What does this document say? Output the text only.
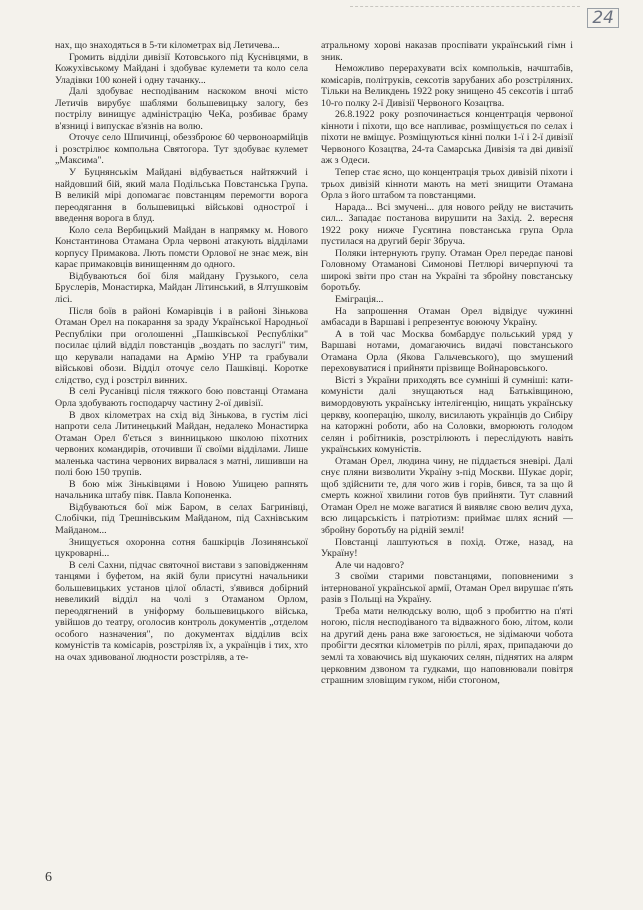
24

нах, що знаходяться в 5-ти кілометрах від Летичева...

Громить відділи дивізії Котовського під Куснівцями, в Кожухівському Майдані і здобуває кулемети та коло села Уладівки 100 коней і одну тачанку...

Далі здобуває несподіваним наскоком вночі місто Летичів вирубує шаблями большевицьку залогу, без пострілу винищує адміністрацію ЧеКа, розбиває браму в'язниці і випускає в'язнів на волю.

Оточує село Шпичинці, обеззброює 60 червоноармійців і розстрілює компольна Святогора. Тут здобуває кулемет „Максима".

У Буцнянськім Майдані відбувається найтяжчий і найдовший бій, який мала Подільська Повстанська Група. В великій мірі допомагає повстанцям перемогти ворога переодягання в большевицькі військові однострої і введення ворога в блуд.

Коло села Вербицький Майдан в напрямку м. Нового Константинова Отамана Орла червоні атакують відділами корпусу Примакова. Лють помсти Орлової не знає меж, він карає примаковців винищенням до одного.

Відбуваються бої біля майдану Грузького, села Бруслерів, Монастирка, Майдан Літинський, в Ялтушковім лісі.

Після боїв в районі Комарівців і в районі Зінькова Отаман Орел на покарання за зраду Української Народньої Республіки при оголошенні „Пашківської Республіки" посилає цілий відділ повстанців „воздать по заслугі" тим, що керували нападами на Армію УНР та грабували військові обози. Відділ оточує село Пашківці. Коротке слідство, суд і розстріл винних.

В селі Русанівці після тяжкого бою повстанці Отамана Орла здобувають господарчу частину 2-ої дивізії.

В двох кілометрах на схід від Зінькова, в густім лісі напроти села Литинецький Майдан, недалеко Монастирка Отаман Орел б'ється з винницькою школою піхотних червоних командирів, оточивши її своїми відділами. Лише маленька частина червоних вирвалася з матні, лишивши на полі бою 150 трупів.

В бою між Зіньківцями і Новою Ушицею рапнять начальника штабу півк. Павла Копоненка.

Відбуваються бої між Баром, в селах Багринівці, Слобічки, під Трешнівським Майданом, під Сахнівським Майданом...

Знищується охоронна сотня башкірців Лозинянської цукроварні...

В селі Сахни, підчас святочної вистави з заповідженням танцями і буфетом, на якій були присутні начальники большевицьких установ цілої області, з'явився добірний невеликий відділ на чолі з Отаманом Орлом, переодягнений в уніформу большевицького війська, увійшов до театру, оголосив контроль документів „отделом особого назначения", по документах відділив всіх комуністів та комісарів, розстріляв їх, а українців і тих, хто на очах здивованої людности розстріляв, а те-

атральному хорові наказав проспівати український гімн і зник.

Неможливо перерахувати всіх компольків, начштабів, комісарів, політруків, сексотів зарубаних або розстріляних. Тільки на Великдень 1922 року знищено 45 сексотів і штаб 10-го полку 2-ї Дивізії Червоного Козацтва.

26.8.1922 року розпочинається концентрація червоної кінноти і піхоти, що все напливає, розміщується по селах і піхоти не вміщує. Розміщуються кінні полки 1-ї і 2-ї дивізії Червоного Козацтва, 24-та Самарська Дивізія та дві дивізії аж з Одеси.

Тепер стає ясно, що концентрація трьох дивізій піхоти і трьох дивізій кінноти мають на меті знищити Отамана Орла з його штабом та повстанцями.

Нарада... Всі змучені... для нового рейду не вистачить сил... Западає постанова вирушити на Захід. 2. вересня 1922 року нижче Гусятина повстанська група Орла пустилася на другий беріг Збруча.

Поляки інтернують групу. Отаман Орел передає панові Головному Отаманові Симоновi Петлюрі вичерпуючі та широкі звіти про стан на Україні та збройну повстанську боротьбу.

Еміграція...

На запрошення Отаман Орел відвідує чужинні амбасади в Варшаві і репрезентує воюючу Україну.

А в той час Москва бомбардує польський уряд у Варшаві нотами, домагаючись видачі повстанського Отамана Орла (Якова Гальчевського), що змушений переховуватися і прийняти прізвище Войнаровського.

Вісті з України приходять все сумніші й сумніші: кати-комуністи далі знущаються над Батьківщиною, вимордовують українську інтелігенцію, нищать українську церкву, кооперацію, школу, висилають українців до Сибіру на каторжні роботи, або на Соловки, вморюють голодом селян і робітників, розстрілюють і переслідують навіть українських комуністів.

Отаман Орел, людина чину, не піддається зневірі. Далі снує пляни визволити Україну з-під Москви. Шукає доріг, щоб здійснити те, для чого жив і горів, бився, та за що й смерть кожної хвилини готов був прийняти. Тут славний Отаман Орел не може вагатися й виявляє свою велич духа, всю лицарськість і патріотизм: приймає шлях ясний — збройну боротьбу на рідній землі!

Повстанці лаштуються в похід. Отже, назад, на Україну!

Але чи надовго?

З своїми старими повстанцями, поповненими з інтернованої української армії, Отаман Орел вирушає п'ять разів з Польщі на Україну.

Треба мати нелюдську волю, щоб з пробиттю на п'яті ногою, після несподіваного та відважного бою, літом, коли на другий день рана вже загоюється, не зідімаючи чобота пробігти десятки кілометрів по ріллі, ярах, припадаючи до землі та ховаючись від шукаючих селян, піднятих на алярм церковним дзвоном та гудками, що наповнювали повітря страшним зловіщим гуком, ніби стогоном,

6
